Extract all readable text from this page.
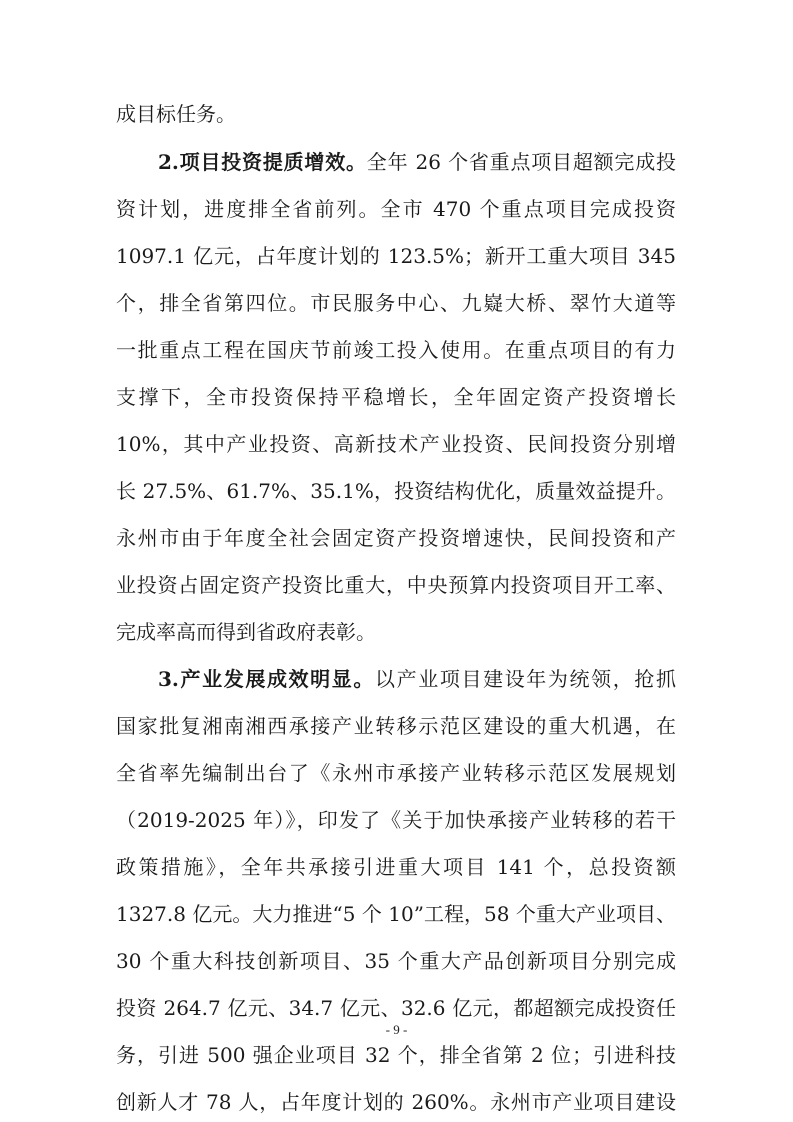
成目标任务。
2.项目投资提质增效。全年 26 个省重点项目超额完成投
资计划，进度排全省前列。全市 470 个重点项目完成投资
1097.1 亿元，占年度计划的 123.5%；新开工重大项目 345
个，排全省第四位。市民服务中心、九嶷大桥、翠竹大道等
一批重点工程在国庆节前竣工投入使用。在重点项目的有力
支撑下，全市投资保持平稳增长，全年固定资产投资增长
10%，其中产业投资、高新技术产业投资、民间投资分别增
长 27.5%、61.7%、35.1%，投资结构优化，质量效益提升。
永州市由于年度全社会固定资产投资增速快，民间投资和产
业投资占固定资产投资比重大，中央预算内投资项目开工率、
完成率高而得到省政府表彰。
3.产业发展成效明显。以产业项目建设年为统领，抢抓
国家批复湘南湘西承接产业转移示范区建设的重大机遇，在
全省率先编制出台了《永州市承接产业转移示范区发展规划
（2019-2025 年）》，印发了《关于加快承接产业转移的若干
政策措施》，全年共承接引进重大项目 141 个，总投资额
1327.8 亿元。大力推进“5 个 10”工程，58 个重大产业项目、
30 个重大科技创新项目、35 个重大产品创新项目分别完成
投资 264.7 亿元、34.7 亿元、32.6 亿元，都超额完成投资任
务，引进 500 强企业项目 32 个，排全省第 2 位；引进科技
创新人才 78 人，占年度计划的 260%。永州市产业项目建设
- 9 -
